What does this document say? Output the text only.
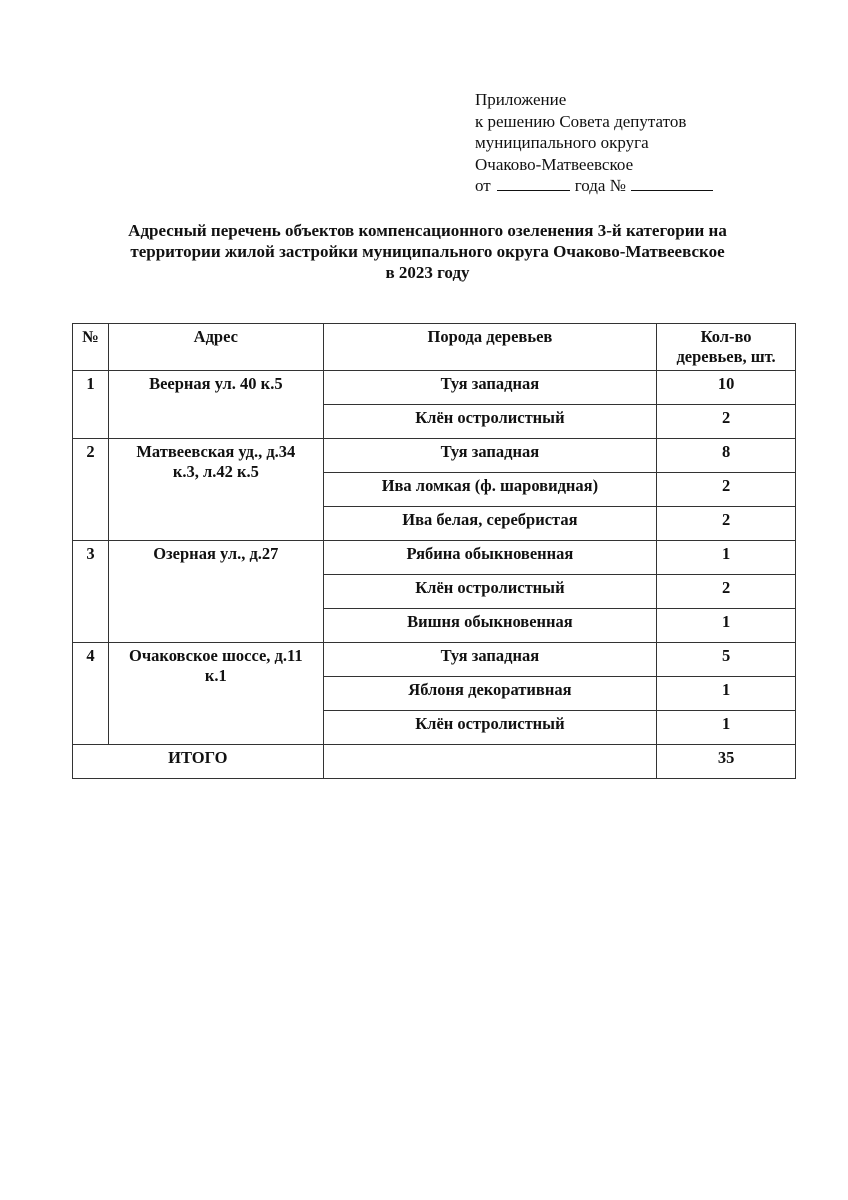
Приложение
к решению Совета депутатов
муниципального округа
Очаково-Матвеевское
от	года №
Адресный перечень объектов компенсационного озеленения 3-й категории на
территории жилой застройки муниципального округа Очаково-Матвеевское
в 2023 году
№	Адрес	Порода деревьев	Кол-во
деревьев, шт.
1	Веерная ул. 40 к.5	Туя западная	10
		Клён остролистный	2
2	Матвеевская уд., д.34
к.3, л.42 к.5	Туя западная	8
		Ива ломкая (ф. шаровидная)	2
		Ива белая, серебристая	2
3	Озерная ул., д.27	Рябина обыкновенная	1
		Клён остролистный	2
		Вишня обыкновенная	1
4	Очаковское шоссе, д.11
к.1	Туя западная	5
		Яблоня декоративная	1
		Клён остролистный	1
ИТОГО			35
